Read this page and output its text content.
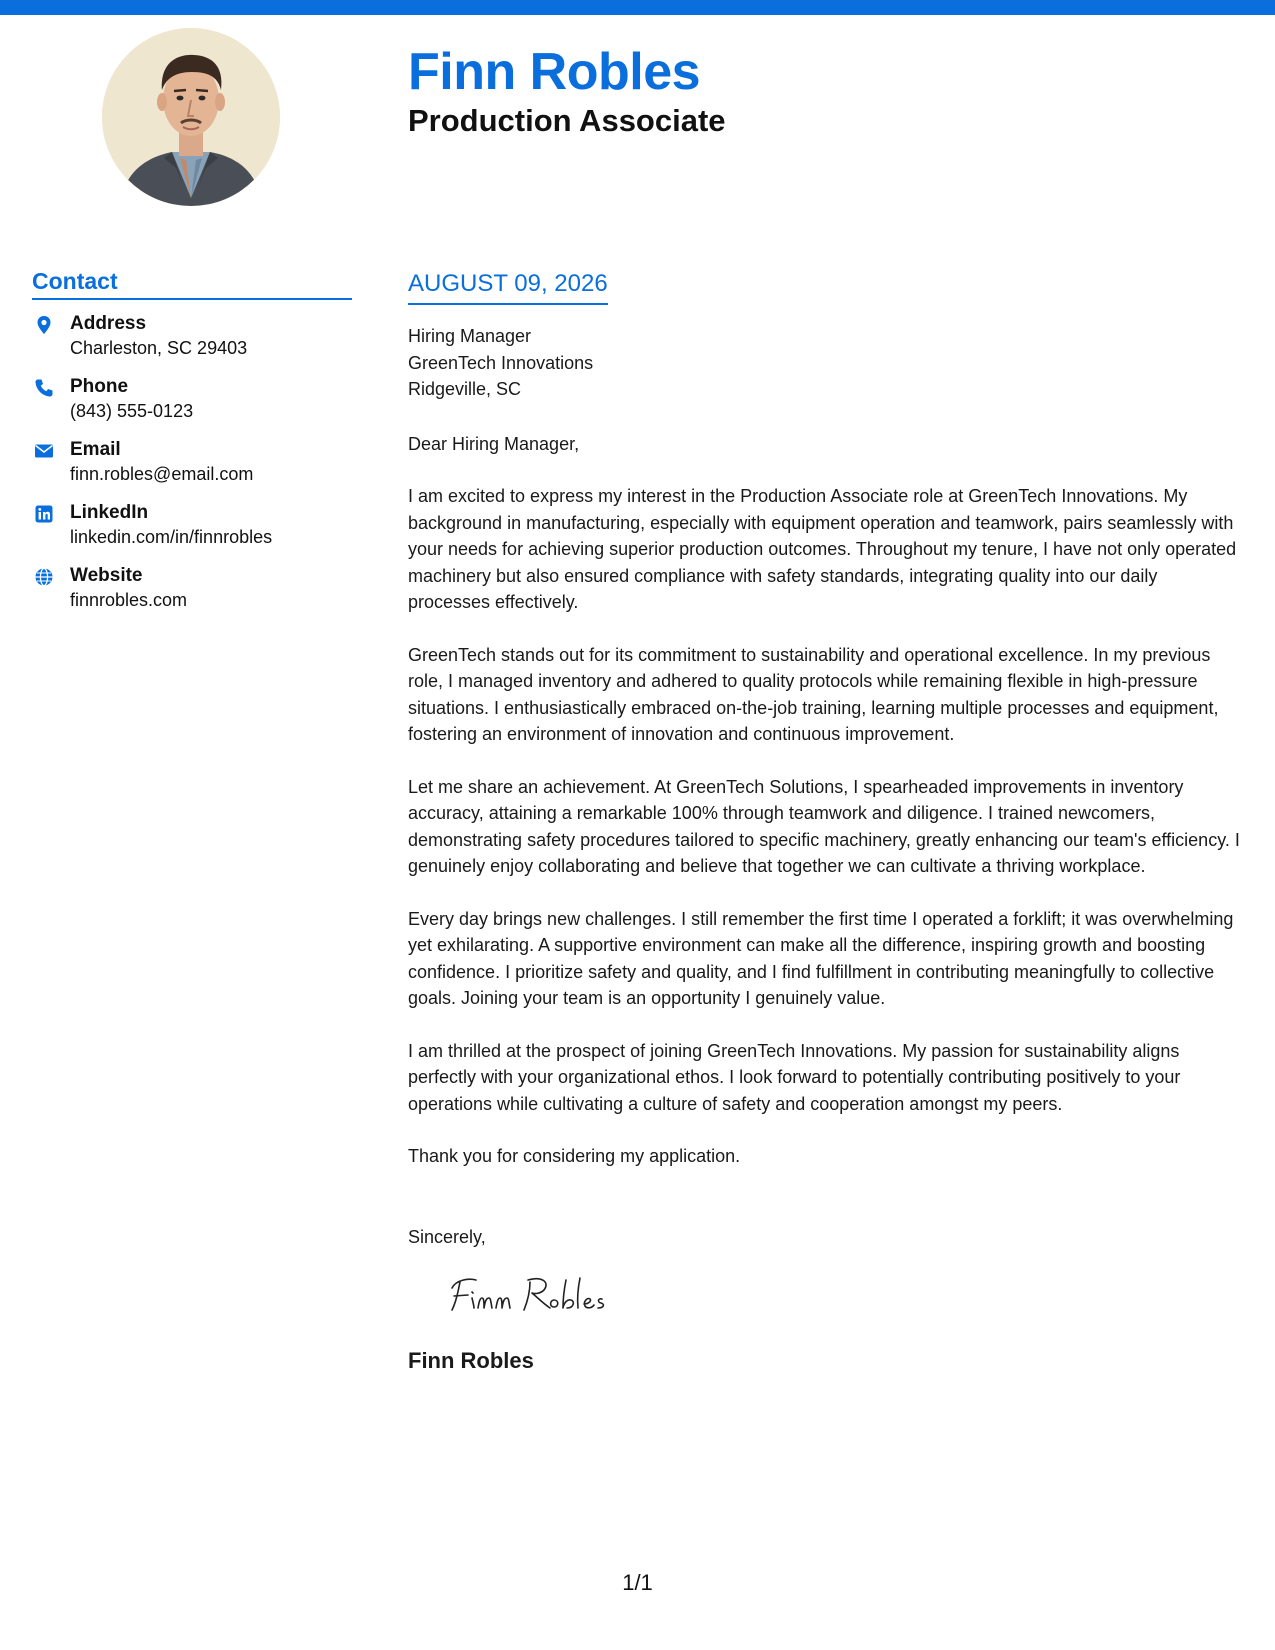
Finn Robles
Production Associate
Contact
Address
Charleston, SC 29403
Phone
(843) 555-0123
Email
finn.robles@email.com
LinkedIn
linkedin.com/in/finnrobles
Website
finnrobles.com
AUGUST 09, 2026
Hiring Manager
GreenTech Innovations
Ridgeville, SC

Dear Hiring Manager,

I am excited to express my interest in the Production Associate role at GreenTech Innovations. My background in manufacturing, especially with equipment operation and teamwork, pairs seamlessly with your needs for achieving superior production outcomes. Throughout my tenure, I have not only operated machinery but also ensured compliance with safety standards, integrating quality into our daily processes effectively.

GreenTech stands out for its commitment to sustainability and operational excellence. In my previous role, I managed inventory and adhered to quality protocols while remaining flexible in high-pressure situations. I enthusiastically embraced on-the-job training, learning multiple processes and equipment, fostering an environment of innovation and continuous improvement.

Let me share an achievement. At GreenTech Solutions, I spearheaded improvements in inventory accuracy, attaining a remarkable 100% through teamwork and diligence. I trained newcomers, demonstrating safety procedures tailored to specific machinery, greatly enhancing our team's efficiency. I genuinely enjoy collaborating and believe that together we can cultivate a thriving workplace.

Every day brings new challenges. I still remember the first time I operated a forklift; it was overwhelming yet exhilarating. A supportive environment can make all the difference, inspiring growth and boosting confidence. I prioritize safety and quality, and I find fulfillment in contributing meaningfully to collective goals. Joining your team is an opportunity I genuinely value.

I am thrilled at the prospect of joining GreenTech Innovations. My passion for sustainability aligns perfectly with your organizational ethos. I look forward to potentially contributing positively to your operations while cultivating a culture of safety and cooperation amongst my peers.

Thank you for considering my application.

Sincerely,

Finn Robles

1/1
